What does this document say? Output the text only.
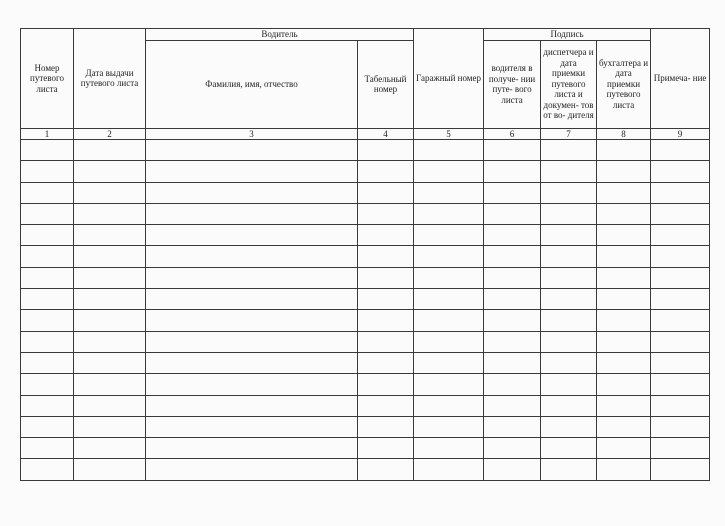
Номер путевого листа	Дата выдачи путевого листа	Водитель		Гаражный номер	Подпись			Примеча- ние

		Фамилия, имя, отчество	Табельный номер		водителя в получе- нии путе- вого листа	диспетчера и дата приемки путевого листа и докумен- тов от во- дителя	бухгалтера и дата приемки путевого листа	

1	2	3	4	5	6	7	8	9
